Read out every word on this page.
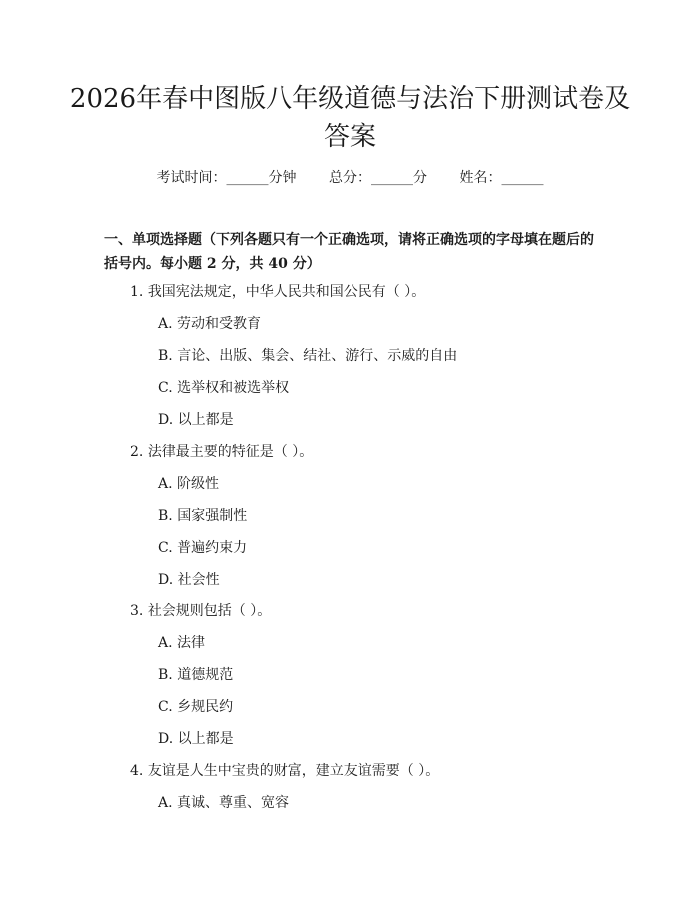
2026年春中图版八年级道德与法治下册测试卷及答案
考试时间：______分钟 总分：______分 姓名：______

一、单项选择题（下列各题只有一个正确选项，请将正确选项的字母填在题后的括号内。每小题 2 分，共 40 分）

1. 我国宪法规定，中华人民共和国公民有（ ）。
A. 劳动和受教育
B. 言论、出版、集会、结社、游行、示威的自由
C. 选举权和被选举权
D. 以上都是
2. 法律最主要的特征是（ ）。
A. 阶级性
B. 国家强制性
C. 普遍约束力
D. 社会性
3. 社会规则包括（ ）。
A. 法律
B. 道德规范
C. 乡规民约
D. 以上都是
4. 友谊是人生中宝贵的财富，建立友谊需要（ ）。
A. 真诚、尊重、宽容
